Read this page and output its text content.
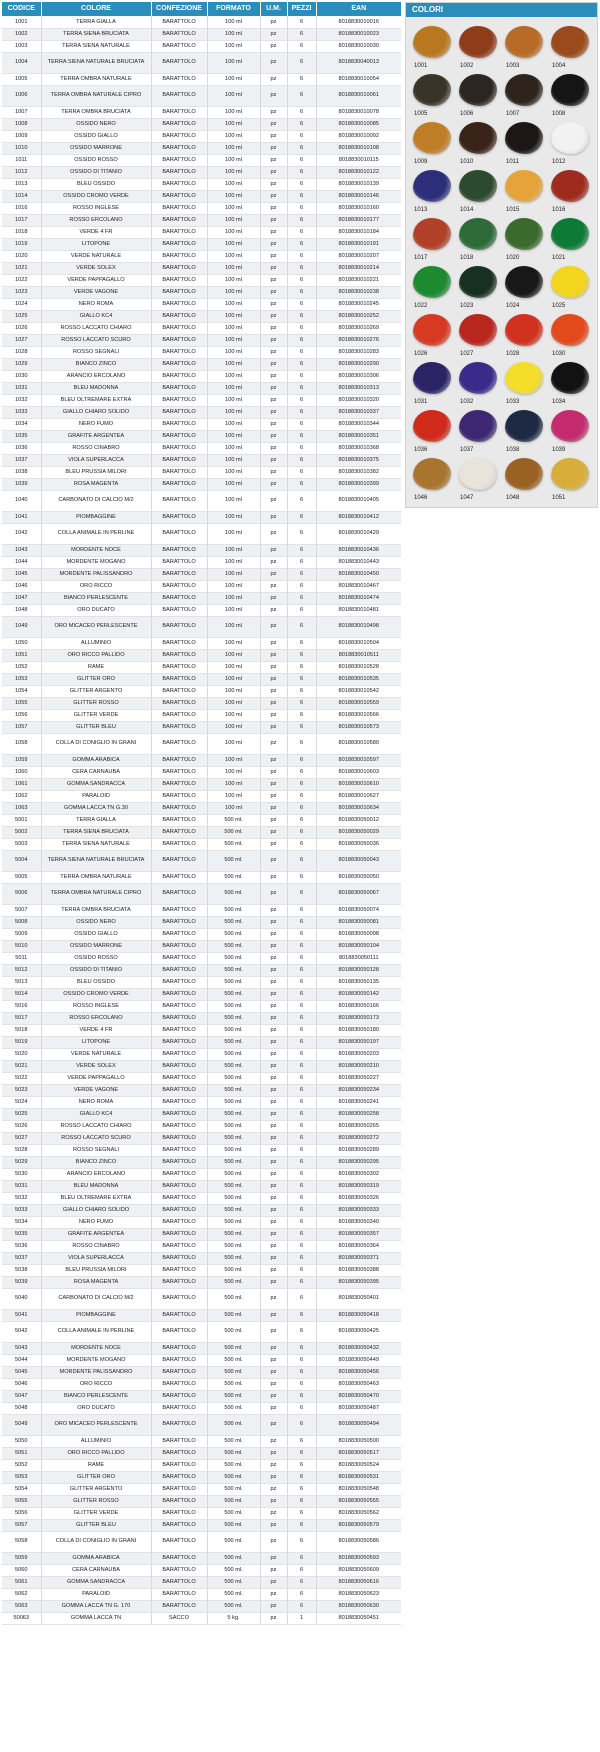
CODICE	COLORE	CONFEZIONE	FORMATO	U.M.	PEZZI	EAN
1001	TERRA GIALLA	BARATTOLO	100 ml	pz	6	8018830010016
1002	TERRA SIENA BRUCIATA	BARATTOLO	100 ml	pz	6	8018830010023
1003	TERRA SIENA NATURALE	BARATTOLO	100 ml	pz	6	8018830010030
1004	TERRA SIENA NATURALE BRUCIATA	BARATTOLO	100 ml	pz	6	8018830040013
1005	TERRA OMBRA NATURALE	BARATTOLO	100 ml	pz	6	8018830010054
1006	TERRA OMBRA NATURALE CIPRO	BARATTOLO	100 ml	pz	6	8018830010061
1007	TERRA OMBRA BRUCIATA	BARATTOLO	100 ml	pz	6	8018830010078
1008	OSSIDO NERO	BARATTOLO	100 ml	pz	6	8018830010085
1009	OSSIDO GIALLO	BARATTOLO	100 ml	pz	6	8018830010092
1010	OSSIDO MARRONE	BARATTOLO	100 ml	pz	6	8018830010108
1011	OSSIDO ROSSO	BARATTOLO	100 ml	pz	6	8018830010115
1012	OSSIDO DI TITANIO	BARATTOLO	100 ml	pz	6	8018830010122
1013	BLEU OSSIDO	BARATTOLO	100 ml	pz	6	8018830010139
1014	OSSIDO CROMO VERDE	BARATTOLO	100 ml	pz	6	8018830010146
1016	ROSSO INGLESE	BARATTOLO	100 ml	pz	6	8018830010160
1017	ROSSO ERCOLANO	BARATTOLO	100 ml	pz	6	8018830010177
1018	VERDE 4 FR	BARATTOLO	100 ml	pz	6	8018830010184
1019	LITOPONE	BARATTOLO	100 ml	pz	6	8018830010191
1020	VERDE NATURALE	BARATTOLO	100 ml	pz	6	8018830010207
1021	VERDE SOLEX	BARATTOLO	100 ml	pz	6	8018830010214
1022	VERDE PAPPAGALLO	BARATTOLO	100 ml	pz	6	8018830010221
1023	VERDE VAGONE	BARATTOLO	100 ml	pz	6	8018830010238
1024	NERO ROMA	BARATTOLO	100 ml	pz	6	8018830010245
1025	GIALLO KC4	BARATTOLO	100 ml	pz	6	8018830010252
1026	ROSSO LACCATO CHIARO	BARATTOLO	100 ml	pz	6	8018830010269
1027	ROSSO LACCATO SCURO	BARATTOLO	100 ml	pz	6	8018830010276
1028	ROSSO SEGNALI	BARATTOLO	100 ml	pz	6	8018830010283
1029	BIANCO ZINCO	BARATTOLO	100 ml	pz	6	8018830010290
1030	ARANCIO ERCOLANO	BARATTOLO	100 ml	pz	6	8018830010306
1031	BLEU MADONNA	BARATTOLO	100 ml	pz	6	8018830010313
1032	BLEU OLTREMARE EXTRA	BARATTOLO	100 ml	pz	6	8018830010320
1033	GIALLO CHIARO SOLIDO	BARATTOLO	100 ml	pz	6	8018830010337
1034	NERO FUMO	BARATTOLO	100 ml	pz	6	8018830010344
1035	GRAFITE ARGENTEA	BARATTOLO	100 ml	pz	6	8018830010351
1036	ROSSO CINABRO	BARATTOLO	100 ml	pz	6	8018830010368
1037	VIOLA SUPERLACCA	BARATTOLO	100 ml	pz	6	8018830010375
1038	BLEU PRUSSIA MILORI	BARATTOLO	100 ml	pz	6	8018830010382
1039	ROSA MAGENTA	BARATTOLO	100 ml	pz	6	8018830010399
1040	CARBONATO DI CALCIO M/2	BARATTOLO	100 ml	pz	6	8018830010405
1041	PIOMBAGGINE	BARATTOLO	100 ml	pz	6	8018830010412
1042	COLLA ANIMALE IN PERLINE	BARATTOLO	100 ml	pz	6	8018830010429
1043	MORDENTE NOCE	BARATTOLO	100 ml	pz	6	8018830010436
1044	MORDENTE MOGANO	BARATTOLO	100 ml	pz	6	8018830010443
1045	MORDENTE PALISSANDRO	BARATTOLO	100 ml	pz	6	8018830010450
1046	ORO RICCO	BARATTOLO	100 ml	pz	6	8018830010467
1047	BIANCO PERLESCENTE	BARATTOLO	100 ml	pz	6	8018830010474
1048	ORO DUCATO	BARATTOLO	100 ml	pz	6	8018830010481
1049	ORO MICACEO PERLESCENTE	BARATTOLO	100 ml	pz	6	8018830010498
1050	ALLUMINIO	BARATTOLO	100 ml	pz	6	8018830010504
1051	ORO RICCO PALLIDO	BARATTOLO	100 ml	pz	6	8018830010511
1052	RAME	BARATTOLO	100 ml	pz	6	8018830010528
1053	GLITTER ORO	BARATTOLO	100 ml	pz	6	8018830010535
1054	GLITTER ARGENTO	BARATTOLO	100 ml	pz	6	8018830010542
1055	GLITTER ROSSO	BARATTOLO	100 ml	pz	6	8018830010559
1056	GLITTER VERDE	BARATTOLO	100 ml	pz	6	8018830010566
1057	GLITTER BLEU	BARATTOLO	100 ml	pz	6	8018830010573
1058	COLLA DI CONIGLIO IN GRANI	BARATTOLO	100 ml	pz	6	8018830010580
1059	GOMMA ARABICA	BARATTOLO	100 ml	pz	6	8018830010597
1060	CERA CARNAUBA	BARATTOLO	100 ml	pz	6	8018830010603
1061	GOMMA SANDRACCA	BARATTOLO	100 ml	pz	6	8018830010610
1062	PARALOID	BARATTOLO	100 ml	pz	6	8018830010627
1063	GOMMA LACCA TN G.30	BARATTOLO	100 ml	pz	6	8018830010634
5001	TERRA GIALLA	BARATTOLO	500 ml.	pz	6	8018830050012
5002	TERRA SIENA BRUCIATA	BARATTOLO	500 ml.	pz	6	8018830050029
5003	TERRA SIENA NATURALE	BARATTOLO	500 ml.	pz	6	8018830050036
5004	TERRA SIENA NATURALE BRUCIATA	BARATTOLO	500 ml.	pz	6	8018830050043
5005	TERRA OMBRA NATURALE	BARATTOLO	500 ml.	pz	6	8018830050050
5006	TERRA OMBRA NATURALE CIPRO	BARATTOLO	500 ml.	pz	6	8018830050067
5007	TERRA OMBRA BRUCIATA	BARATTOLO	500 ml.	pz	6	8018830050074
5008	OSSIDO NERO	BARATTOLO	500 ml.	pz	6	8018830050081
5009	OSSIDO GIALLO	BARATTOLO	500 ml.	pz	6	8018830050098
5010	OSSIDO MARRONE	BARATTOLO	500 ml.	pz	6	8018830050104
5011	OSSIDO ROSSO	BARATTOLO	500 ml.	pz	6	8018830050111
5012	OSSIDO DI TITANIO	BARATTOLO	500 ml.	pz	6	8018830050128
5013	BLEU OSSIDO	BARATTOLO	500 ml.	pz	6	8018830050135
5014	OSSIDO CROMO VERDE	BARATTOLO	500 ml.	pz	6	8018830050142
5016	ROSSO INGLESE	BARATTOLO	500 ml.	pz	6	8018830050166
5017	ROSSO ERCOLANO	BARATTOLO	500 ml.	pz	6	8018830050173
5018	VERDE 4 FR	BARATTOLO	500 ml.	pz	6	8018830050180
5019	LITOPONE	BARATTOLO	500 ml.	pz	6	8018830050197
5020	VERDE NATURALE	BARATTOLO	500 ml.	pz	6	8018830050203
5021	VERDE SOLEX	BARATTOLO	500 ml.	pz	6	8018830050210
5022	VERDE PAPPAGALLO	BARATTOLO	500 ml.	pz	6	8018830050227
5023	VERDE VAGONE	BARATTOLO	500 ml.	pz	6	8018830050234
5024	NERO ROMA	BARATTOLO	500 ml.	pz	6	8018830050241
5025	GIALLO KC4	BARATTOLO	500 ml.	pz	6	8018830050258
5026	ROSSO LACCATO CHIARO	BARATTOLO	500 ml.	pz	6	8018830050265
5027	ROSSO LACCATO SCURO	BARATTOLO	500 ml.	pz	6	8018830050272
5028	ROSSO SEGNALI	BARATTOLO	500 ml.	pz	6	8018830050289
5029	BIANCO ZINCO	BARATTOLO	500 ml.	pz	6	8018830050295
5030	ARANCIO ERCOLANO	BARATTOLO	500 ml.	pz	6	8018830050302
5031	BLEU MADONNA	BARATTOLO	500 ml.	pz	6	8018830050319
5032	BLEU OLTREMARE EXTRA	BARATTOLO	500 ml.	pz	6	8018830050326
5033	GIALLO CHIARO SOLIDO	BARATTOLO	500 ml.	pz	6	8018830050333
5034	NERO FUMO	BARATTOLO	500 ml.	pz	6	8018830050340
5035	GRAFITE ARGENTEA	BARATTOLO	500 ml.	pz	6	8018830050357
5036	ROSSO CINABRO	BARATTOLO	500 ml.	pz	6	8018830050364
5037	VIOLA SUPERLACCA	BARATTOLO	500 ml.	pz	6	8018830050371
5038	BLEU PRUSSIA MILORI	BARATTOLO	500 ml.	pz	6	8018830050388
5039	ROSA MAGENTA	BARATTOLO	500 ml.	pz	6	8018830050395
5040	CARBONATO DI CALCIO M/2	BARATTOLO	500 ml.	pz	6	8018830050401
5041	PIOMBAGGINE	BARATTOLO	500 ml.	pz	6	8018830050418
5042	COLLA ANIMALE IN PERLINE	BARATTOLO	500 ml.	pz	6	8018830050425
5043	MORDENTE NOCE	BARATTOLO	500 ml.	pz	6	8018830050432
5044	MORDENTE MOGANO	BARATTOLO	500 ml.	pz	6	8018830050449
5045	MORDENTE PALISSANDRO	BARATTOLO	500 ml.	pz	6	8018830050456
5046	ORO RICCO	BARATTOLO	500 ml.	pz	6	8018830050463
5047	BIANCO PERLESCENTE	BARATTOLO	500 ml.	pz	6	8018830050470
5048	ORO DUCATO	BARATTOLO	500 ml.	pz	6	8018830050487
5049	ORO MICACEO PERLESCENTE	BARATTOLO	500 ml.	pz	6	8018830050494
5050	ALLUMINIO	BARATTOLO	500 ml.	pz	6	8018830050500
5051	ORO RICCO PALLIDO	BARATTOLO	500 ml.	pz	6	8018830050517
5052	RAME	BARATTOLO	500 ml.	pz	6	8018830050524
5053	GLITTER ORO	BARATTOLO	500 ml.	pz	6	8018830050531
5054	GLITTER ARGENTO	BARATTOLO	500 ml.	pz	6	8018830050548
5055	GLITTER ROSSO	BARATTOLO	500 ml.	pz	6	8018830050555
5056	GLITTER VERDE	BARATTOLO	500 ml.	pz	6	8018830050562
5057	GLITTER BLEU	BARATTOLO	500 ml.	pz	6	8018830050579
5058	COLLA DI CONIGLIO IN GRANI	BARATTOLO	500 ml.	pz	6	8018830050586
5059	GOMMA ARABICA	BARATTOLO	500 ml.	pz	6	8018830050593
5060	CERA CARNAUBA	BARATTOLO	500 ml.	pz	6	8018830050609
5061	GOMMA SANDRACCA	BARATTOLO	500 ml.	pz	6	8018830050616
5062	PARALOID	BARATTOLO	500 ml.	pz	6	8018830050623
5063	GOMMA LACCA TN G. 170	BARATTOLO	500 ml.	pz	6	8018830050630
50063	GOMMA LACCA TN	SACCO	5 kg.	pz	1	8018830050451
COLORI
1001	1002	1003	1004
1005	1006	1007	1008
1009	1010	1011	1012
1013	1014	1015	1016
1017	1018	1020	1021
1022	1023	1024	1025
1026	1027	1028	1030
1031	1032	1033	1034
1036	1037	1038	1039
1046	1047	1048	1051
